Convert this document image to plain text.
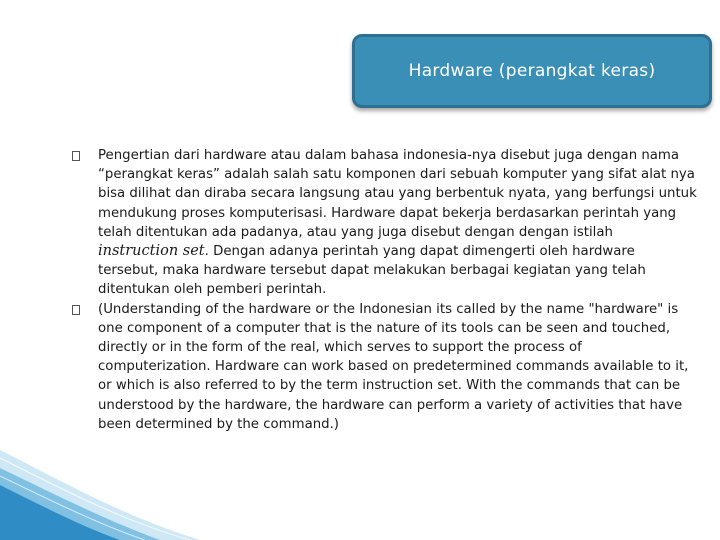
Hardware (perangkat keras)

Pengertian dari hardware atau dalam bahasa indonesia-nya disebut juga dengan nama “perangkat keras” adalah salah satu komponen dari sebuah komputer yang sifat alat nya bisa dilihat dan diraba secara langsung atau yang berbentuk nyata, yang berfungsi untuk mendukung proses komputerisasi. Hardware dapat bekerja berdasarkan perintah yang telah ditentukan ada padanya, atau yang juga disebut dengan dengan istilah instruction set. Dengan adanya perintah yang dapat dimengerti oleh hardware tersebut, maka hardware tersebut dapat melakukan berbagai kegiatan yang telah ditentukan oleh pemberi perintah.

(Understanding of the hardware or the Indonesian its called by the name "hardware" is one component of a computer that is the nature of its tools can be seen and touched, directly or in the form of the real, which serves to support the process of computerization. Hardware can work based on predetermined commands available to it, or which is also referred to by the term instruction set. With the commands that can be understood by the hardware, the hardware can perform a variety of activities that have been determined by the command.)
